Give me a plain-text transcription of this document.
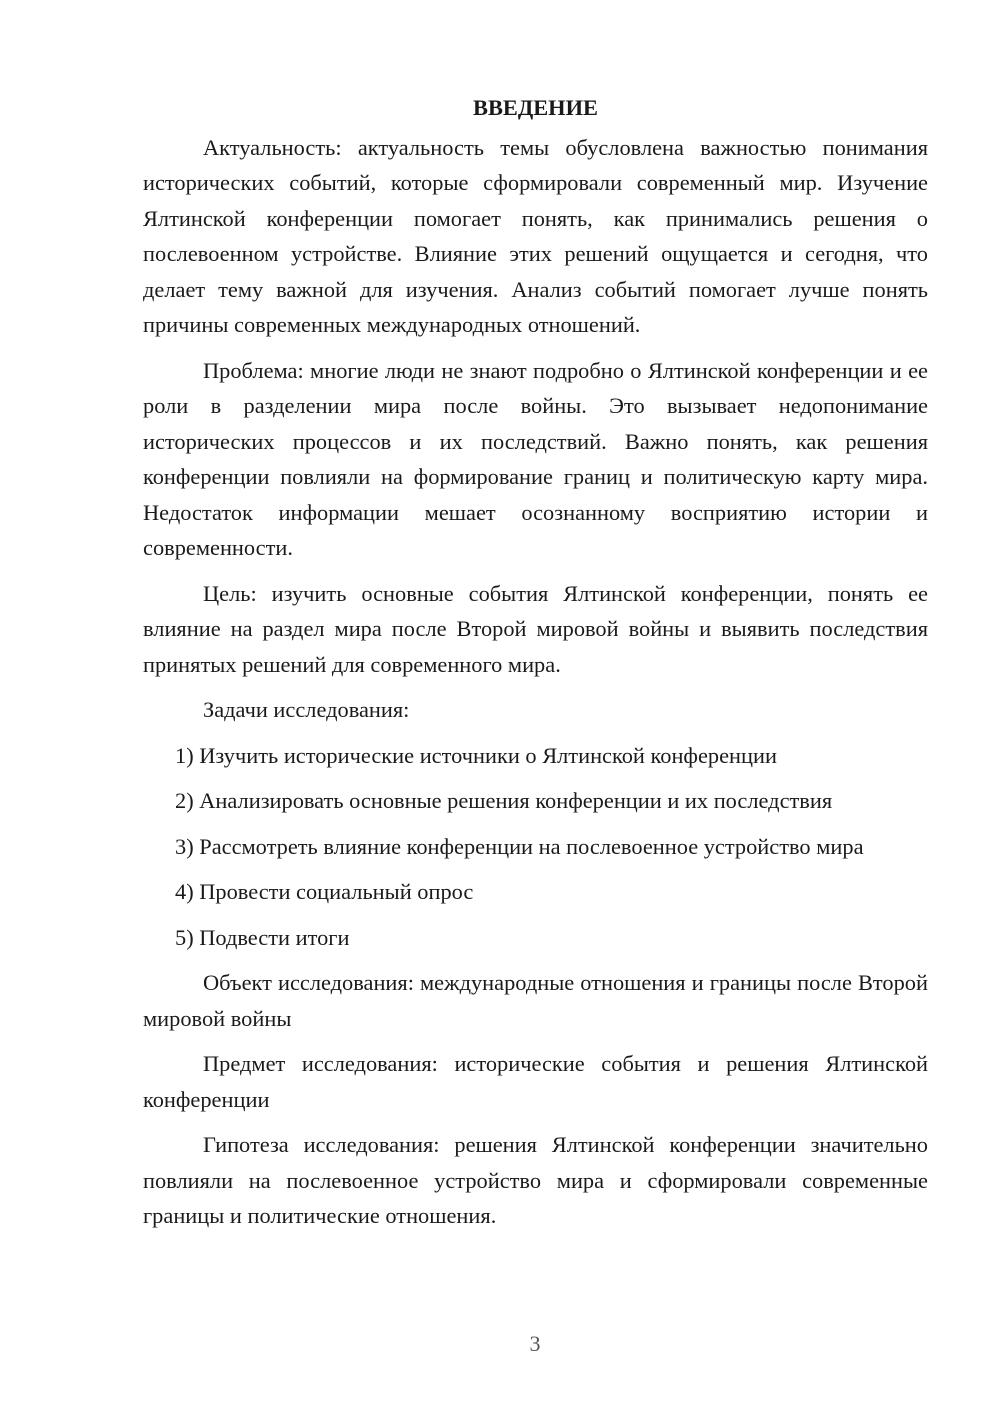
ВВЕДЕНИЕ

Актуальность: актуальность темы обусловлена важностью понимания исторических событий, которые сформировали современный мир. Изучение Ялтинской конференции помогает понять, как принимались решения о послевоенном устройстве. Влияние этих решений ощущается и сегодня, что делает тему важной для изучения. Анализ событий помогает лучше понять причины современных международных отношений.

Проблема: многие люди не знают подробно о Ялтинской конференции и ее роли в разделении мира после войны. Это вызывает недопонимание исторических процессов и их последствий. Важно понять, как решения конференции повлияли на формирование границ и политическую карту мира. Недостаток информации мешает осознанному восприятию истории и современности.

Цель: изучить основные события Ялтинской конференции, понять ее влияние на раздел мира после Второй мировой войны и выявить последствия принятых решений для современного мира.

Задачи исследования:

1) Изучить исторические источники о Ялтинской конференции

2) Анализировать основные решения конференции и их последствия

3) Рассмотреть влияние конференции на послевоенное устройство мира

4) Провести социальный опрос

5) Подвести итоги

Объект исследования: международные отношения и границы после Второй мировой войны

Предмет исследования: исторические события и решения Ялтинской конференции

Гипотеза исследования: решения Ялтинской конференции значительно повлияли на послевоенное устройство мира и сформировали современные границы и политические отношения.

3
